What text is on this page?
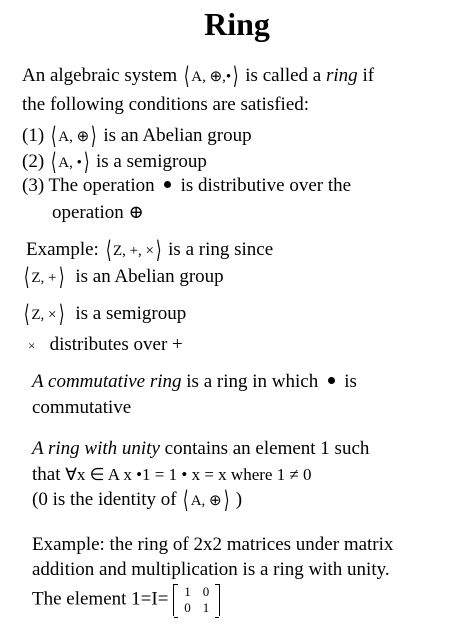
Ring
An algebraic system ⟨ A, ⊕,•⟩ is called a ring if
the following conditions are satisfied:
(1) ⟨ A, ⊕⟩ is an Abelian group
(2) ⟨ A, •⟩ is a semigroup
(3) The operation is distributive over the
operation ⊕
Example: ⟨ Z, +, ×⟩ is a ring since
⟨ Z, +⟩ is an Abelian group
⟨ Z, ×⟩ is a semigroup
× distributes over +
A commutative ring is a ring in which is
commutative
A ring with unity contains an element 1 such
that ∀x ∈ A x •1 = 1 • x = x where 1 ≠ 0
(0 is the identity of ⟨ A, ⊕⟩ )
Example: the ring of 2x2 matrices under matrix
addition and multiplication is a ring with unity.
The element 1=I= 1	0
0	1
